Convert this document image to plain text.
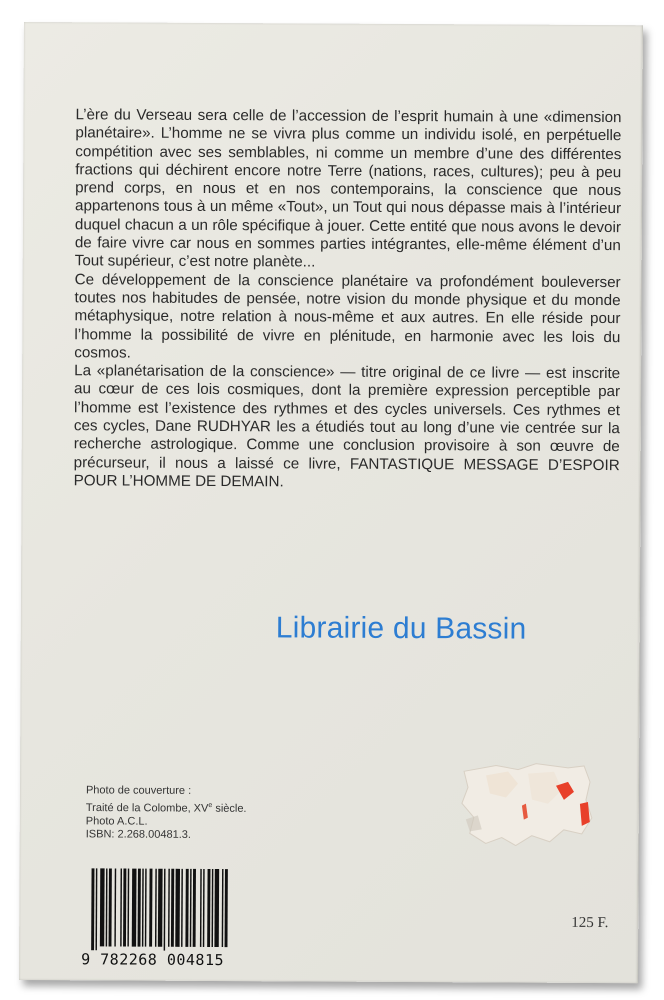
L’ère du Verseau sera celle de l’accession de l’esprit humain à une «dimension planétaire». L’homme ne se vivra plus comme un individu isolé, en perpétuelle compétition avec ses semblables, ni comme un membre d’une des différentes fractions qui déchirent encore notre Terre (nations, races, cultures); peu à peu prend corps, en nous et en nos contemporains, la conscience que nous appartenons tous à un même «Tout», un Tout qui nous dépasse mais à l’intérieur duquel chacun a un rôle spécifique à jouer. Cette entité que nous avons le devoir de faire vivre car nous en sommes parties intégrantes, elle-même élément d’un Tout supérieur, c’est notre planète...

Ce développement de la conscience planétaire va profondément bouleverser toutes nos habitudes de pensée, notre vision du monde physique et du monde métaphysique, notre relation à nous-même et aux autres. En elle réside pour l’homme la possibilité de vivre en plénitude, en harmonie avec les lois du cosmos.

La «planétarisation de la conscience» — titre original de ce livre — est inscrite au cœur de ces lois cosmiques, dont la première expression perceptible par l’homme est l’existence des rythmes et des cycles universels. Ces rythmes et ces cycles, Dane RUDHYAR les a étudiés tout au long d’une vie centrée sur la recherche astrologique. Comme une conclusion provisoire à son œuvre de précurseur, il nous a laissé ce livre, FANTASTIQUE MESSAGE D’ESPOIR POUR L’HOMME DE DEMAIN.

Librairie du Bassin
Photo de couverture :
Traité de la Colombe, XVe siècle.
Photo A.C.L.
ISBN: 2.268.00481.3.
9 782268 004815
125 F.
